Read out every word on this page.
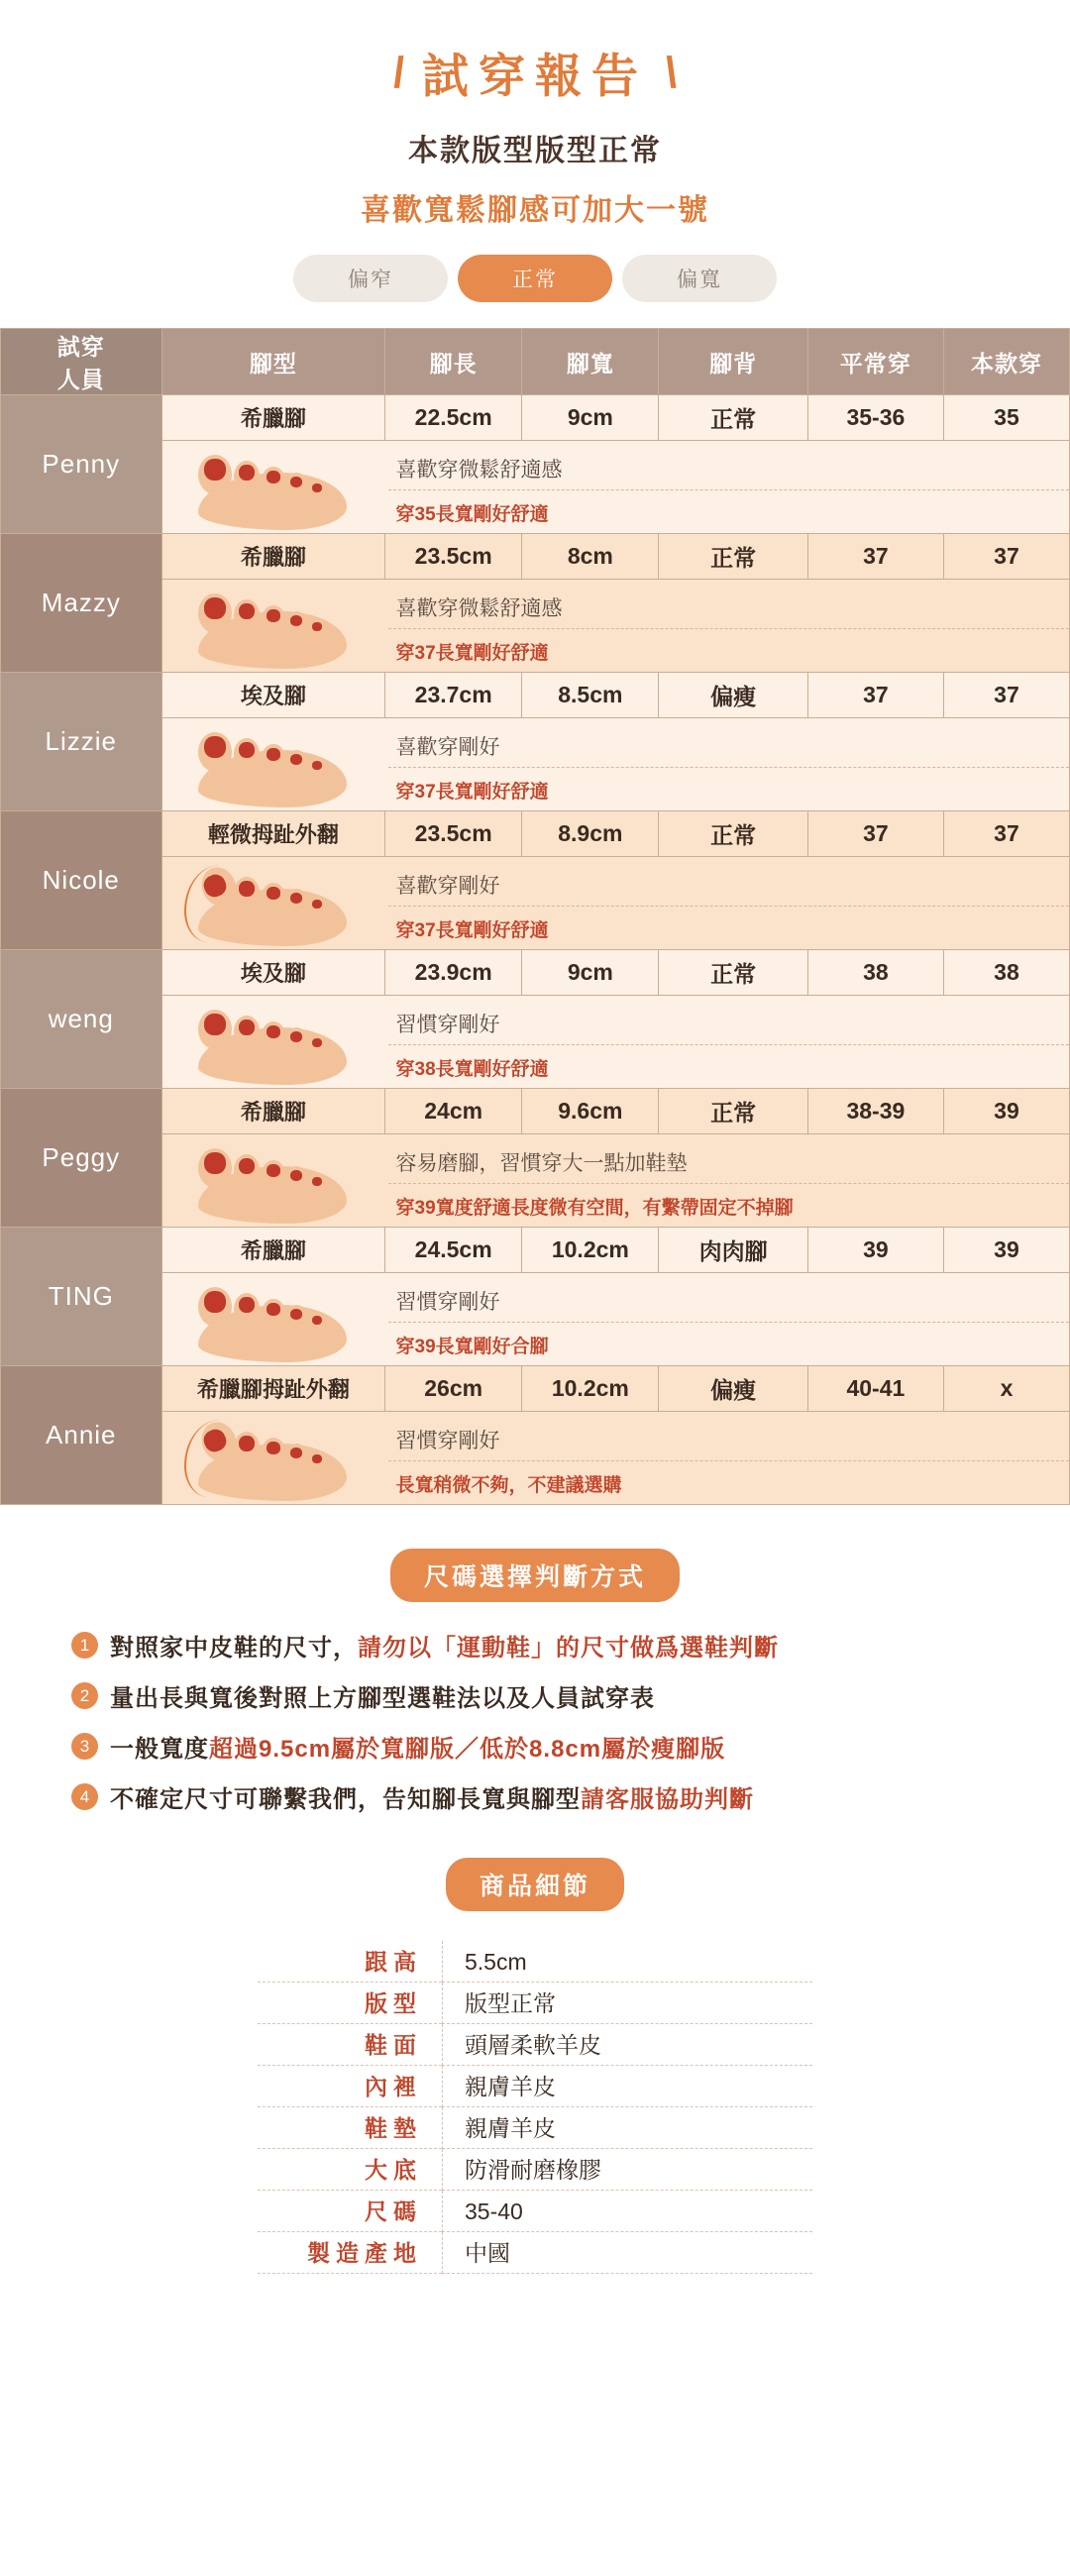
\ 試穿報告 /
本款版型版型正常
喜歡寬鬆腳感可加大一號
偏窄	正常	偏寬
試穿
人員	腳型	腳長	腳寬	腳背	平常穿	本款穿
Penny	希臘腳	22.5cm	9cm	正常	35-36	35

	喜歡穿微鬆舒適感
穿35長寬剛好舒適					

Mazzy	希臘腳	23.5cm	8cm	正常	37	37

	喜歡穿微鬆舒適感
穿37長寬剛好舒適					

Lizzie	埃及腳	23.7cm	8.5cm	偏瘦	37	37

	喜歡穿剛好
穿37長寬剛好舒適					

Nicole	輕微拇趾外翻	23.5cm	8.9cm	正常	37	37

	喜歡穿剛好
穿37長寬剛好舒適					

weng	埃及腳	23.9cm	9cm	正常	38	38

	習慣穿剛好
穿38長寬剛好舒適					

Peggy	希臘腳	24cm	9.6cm	正常	38-39	39

	容易磨腳，習慣穿大一點加鞋墊
穿39寬度舒適長度微有空間，有繫帶固定不掉腳					

TING	希臘腳	24.5cm	10.2cm	肉肉腳	39	39

	習慣穿剛好
穿39長寬剛好合腳					

Annie	希臘腳拇趾外翻	26cm	10.2cm	偏瘦	40-41	x

	習慣穿剛好
長寬稍微不夠，不建議選購					
尺碼選擇判斷方式
1 對照家中皮鞋的尺寸，請勿以「運動鞋」的尺寸做爲選鞋判斷
2 量出長與寬後對照上方腳型選鞋法以及人員試穿表
3 一般寬度超過9.5cm屬於寬腳版／低於8.8cm屬於瘦腳版
4 不確定尺寸可聯繫我們，告知腳長寬與腳型請客服協助判斷
商品細節
跟高	5.5cm
版型	版型正常
鞋面	頭層柔軟羊皮
內裡	親膚羊皮
鞋墊	親膚羊皮
大底	防滑耐磨橡膠
尺碼	35-40
製造產地	中國
